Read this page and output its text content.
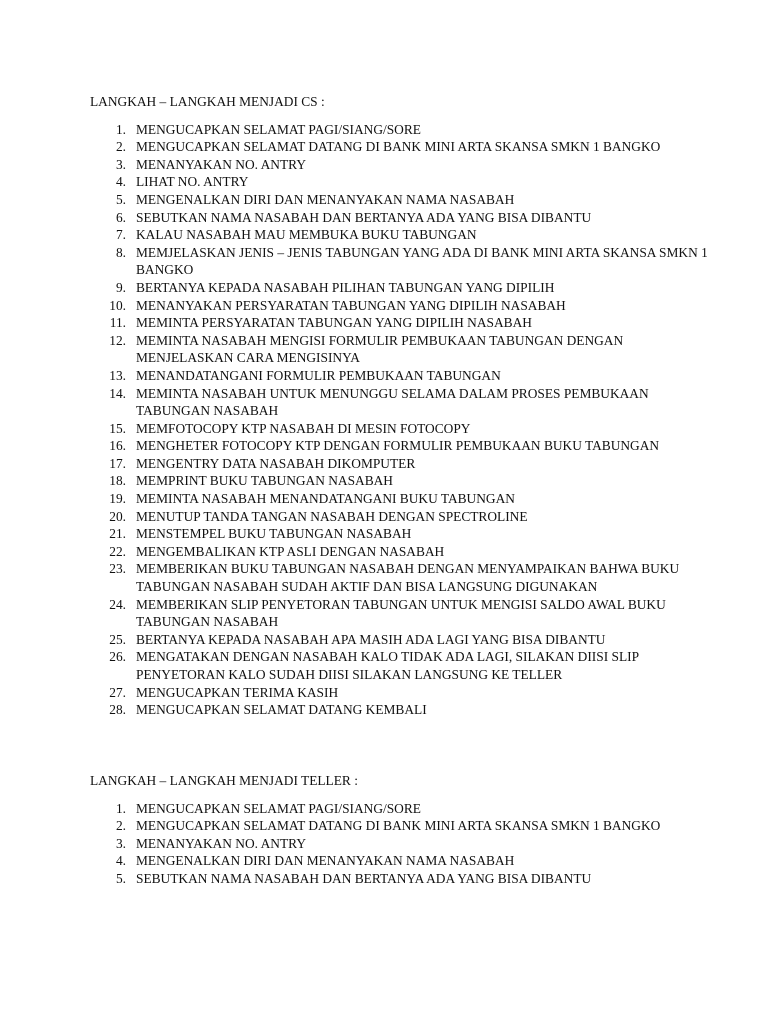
LANGKAH – LANGKAH MENJADI CS :
1. MENGUCAPKAN SELAMAT PAGI/SIANG/SORE
2. MENGUCAPKAN SELAMAT DATANG DI BANK MINI ARTA SKANSA SMKN 1 BANGKO
3. MENANYAKAN NO. ANTRY
4. LIHAT NO. ANTRY
5. MENGENALKAN DIRI DAN MENANYAKAN NAMA NASABAH
6. SEBUTKAN NAMA NASABAH DAN BERTANYA ADA YANG BISA DIBANTU
7. KALAU NASABAH MAU MEMBUKA BUKU TABUNGAN
8. MEMJELASKAN JENIS – JENIS TABUNGAN YANG ADA DI BANK MINI ARTA SKANSA SMKN 1 BANGKO
9. BERTANYA KEPADA NASABAH PILIHAN TABUNGAN YANG DIPILIH
10. MENANYAKAN PERSYARATAN TABUNGAN YANG DIPILIH NASABAH
11. MEMINTA PERSYARATAN TABUNGAN YANG DIPILIH NASABAH
12. MEMINTA NASABAH MENGISI FORMULIR PEMBUKAAN TABUNGAN DENGAN MENJELASKAN CARA MENGISINYA
13. MENANDATANGANI FORMULIR PEMBUKAAN TABUNGAN
14. MEMINTA NASABAH UNTUK MENUNGGU SELAMA DALAM PROSES PEMBUKAAN TABUNGAN NASABAH
15. MEMFOTOCOPY KTP NASABAH DI MESIN FOTOCOPY
16. MENGHETER FOTOCOPY KTP DENGAN FORMULIR PEMBUKAAN BUKU TABUNGAN
17. MENGENTRY DATA NASABAH DIKOMPUTER
18. MEMPRINT BUKU TABUNGAN NASABAH
19. MEMINTA NASABAH MENANDATANGANI BUKU TABUNGAN
20. MENUTUP TANDA TANGAN NASABAH DENGAN SPECTROLINE
21. MENSTEMPEL BUKU TABUNGAN NASABAH
22. MENGEMBALIKAN KTP ASLI DENGAN NASABAH
23. MEMBERIKAN BUKU TABUNGAN NASABAH DENGAN MENYAMPAIKAN BAHWA BUKU TABUNGAN NASABAH SUDAH AKTIF DAN BISA LANGSUNG DIGUNAKAN
24. MEMBERIKAN SLIP PENYETORAN TABUNGAN UNTUK MENGISI SALDO AWAL BUKU TABUNGAN NASABAH
25. BERTANYA KEPADA NASABAH APA MASIH ADA LAGI YANG BISA DIBANTU
26. MENGATAKAN DENGAN NASABAH KALO TIDAK ADA LAGI, SILAKAN DIISI SLIP PENYETORAN KALO SUDAH DIISI SILAKAN LANGSUNG KE TELLER
27. MENGUCAPKAN TERIMA KASIH
28. MENGUCAPKAN SELAMAT DATANG KEMBALI
LANGKAH – LANGKAH MENJADI TELLER :
1. MENGUCAPKAN SELAMAT PAGI/SIANG/SORE
2. MENGUCAPKAN SELAMAT DATANG DI BANK MINI ARTA SKANSA SMKN 1 BANGKO
3. MENANYAKAN NO. ANTRY
4. MENGENALKAN DIRI DAN MENANYAKAN NAMA NASABAH
5. SEBUTKAN NAMA NASABAH DAN BERTANYA ADA YANG BISA DIBANTU
